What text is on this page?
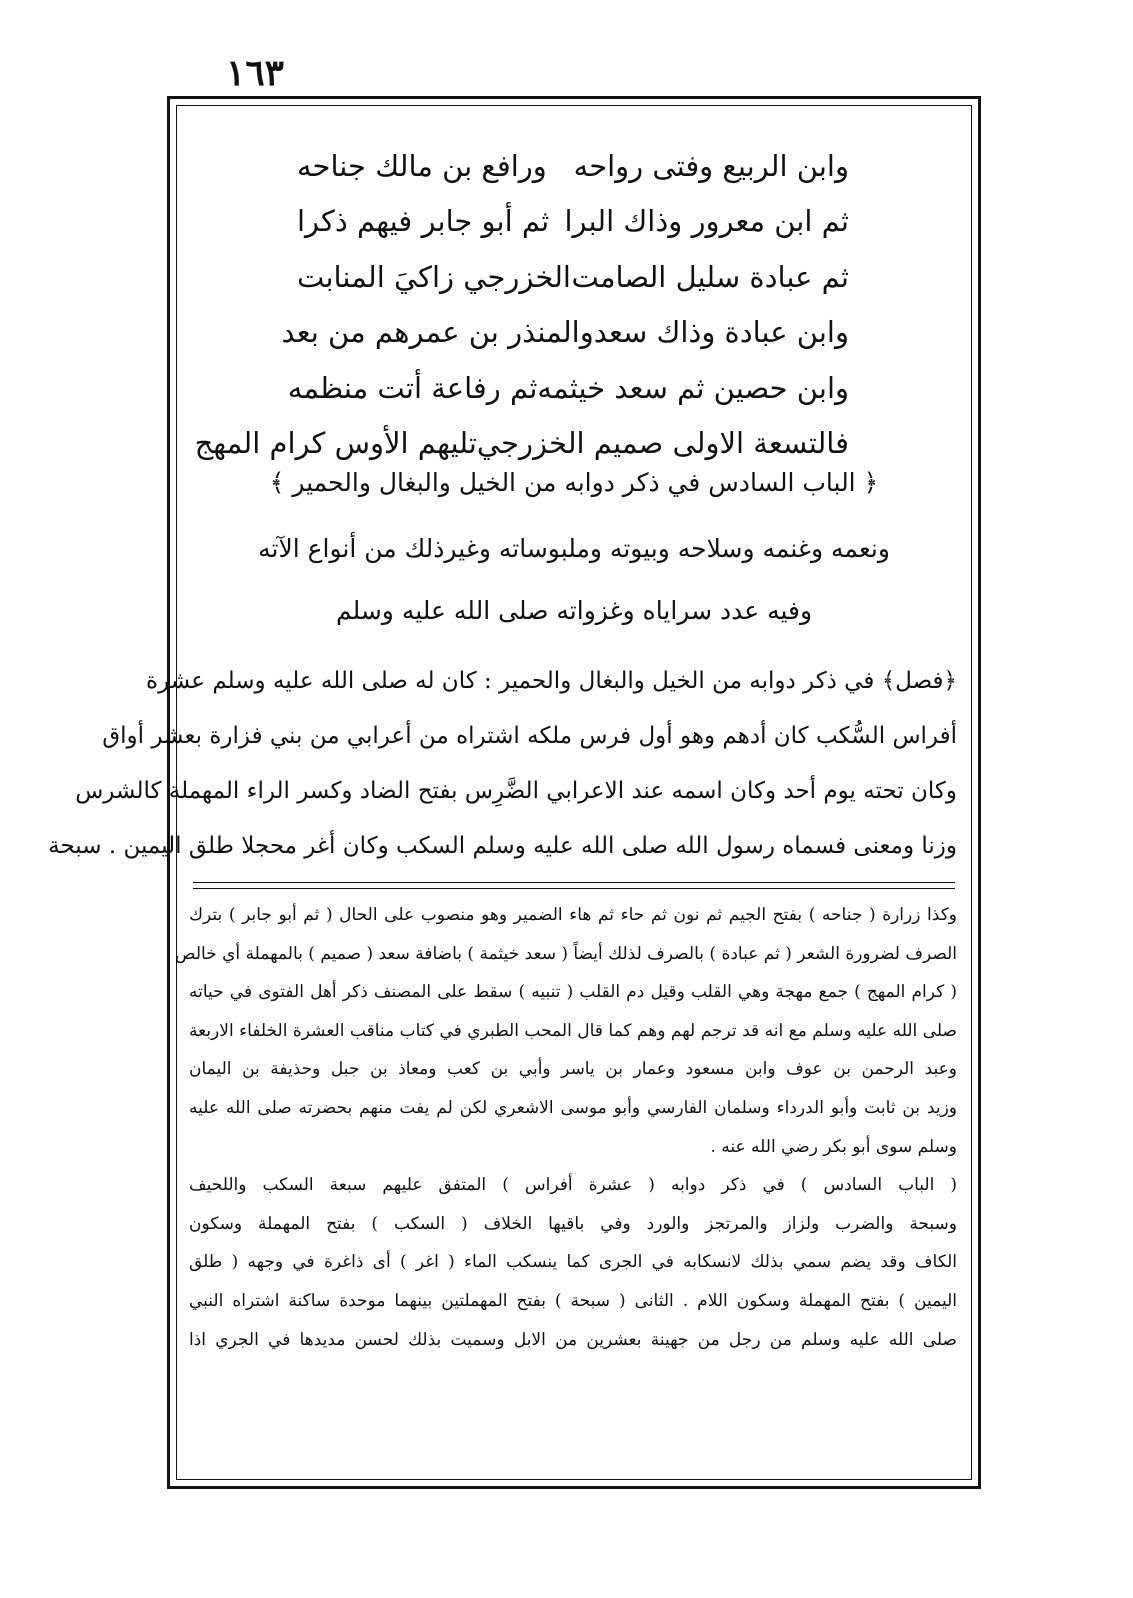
١٦٣
وابن الربيع وفتى رواحه
ورافع بن مالك جناحه
ثم ابن معرور وذاك البرا
ثم أبو جابر فيهم ذكرا
ثم عبادة سليل الصامت
الخزرجي زاكيَ المنابت
وابن عبادة وذاك سعد
والمنذر بن عمرهم من بعد
وابن حصين ثم سعد خيثمه
ثم رفاعة أتت منظمه
فالتسعة الاولى صميم الخزرجي
تليهم الأوس كرام المهج
﴿ الباب السادس في ذكر دوابه من الخيل والبغال والحمير ﴾
ونعمه وغنمه وسلاحه وبيوته وملبوساته وغيرذلك من أنواع الآته
وفيه عدد سراياه وغزواته صلى الله عليه وسلم
﴿فصل﴾ في ذكر دوابه من الخيل والبغال والحمير : كان له صلى الله عليه وسلم عشرة
أفراس السُّكب كان أدهم وهو أول فرس ملكه اشتراه من أعرابي من بني فزارة بعشر أواق
وكان تحته يوم أحد وكان اسمه عند الاعرابي الضَّرِس بفتح الضاد وكسر الراء المهملة كالشرس
وزنا ومعنى فسماه رسول الله صلى الله عليه وسلم السكب وكان أغر محجلا طلق اليمين . سبحة
وكذا زرارة ( جناحه ) بفتح الجيم ثم نون ثم حاء ثم هاء الضمير وهو منصوب على الحال ( ثم أبو جابر ) بترك
الصرف لضرورة الشعر ( ثم عبادة ) بالصرف لذلك أيضاً ( سعد خيثمة ) باضافة سعد ( صميم ) بالمهملة أي خالص
( كرام المهج ) جمع مهجة وهي القلب وقيل دم القلب ( تنبيه ) سقط على المصنف ذكر أهل الفتوى في حياته
صلى الله عليه وسلم مع انه قد ترجم لهم وهم كما قال المحب الطبري في كتاب مناقب العشرة الخلفاء الاربعة
وعبد الرحمن بن عوف وابن مسعود وعمار بن ياسر وأبي بن كعب ومعاذ بن جبل وحذيفة بن اليمان
وزيد بن ثابت وأبو الدرداء وسلمان الفارسي وأبو موسى الاشعري لكن لم يفت منهم بحضرته صلى الله عليه
وسلم سوى أبو بكر رضي الله عنه .
( الباب السادس ) في ذكر دوابه ( عشرة أفراس ) المتفق عليهم سبعة السكب واللحيف
وسبحة والضرب ولزاز والمرتجز والورد وفي باقيها الخلاف ( السكب ) بفتح المهملة وسكون
الكاف وقد يضم سمي بذلك لانسكابه في الجرى كما ينسكب الماء ( اغر ) أى ذاغرة في وجهه ( طلق
اليمين ) بفتح المهملة وسكون اللام . الثانى ( سبحة ) بفتح المهملتين بينهما موحدة ساكنة اشتراه النبي
صلى الله عليه وسلم من رجل من جهينة بعشرين من الابل وسميت بذلك لحسن مديدها في الجري اذا
